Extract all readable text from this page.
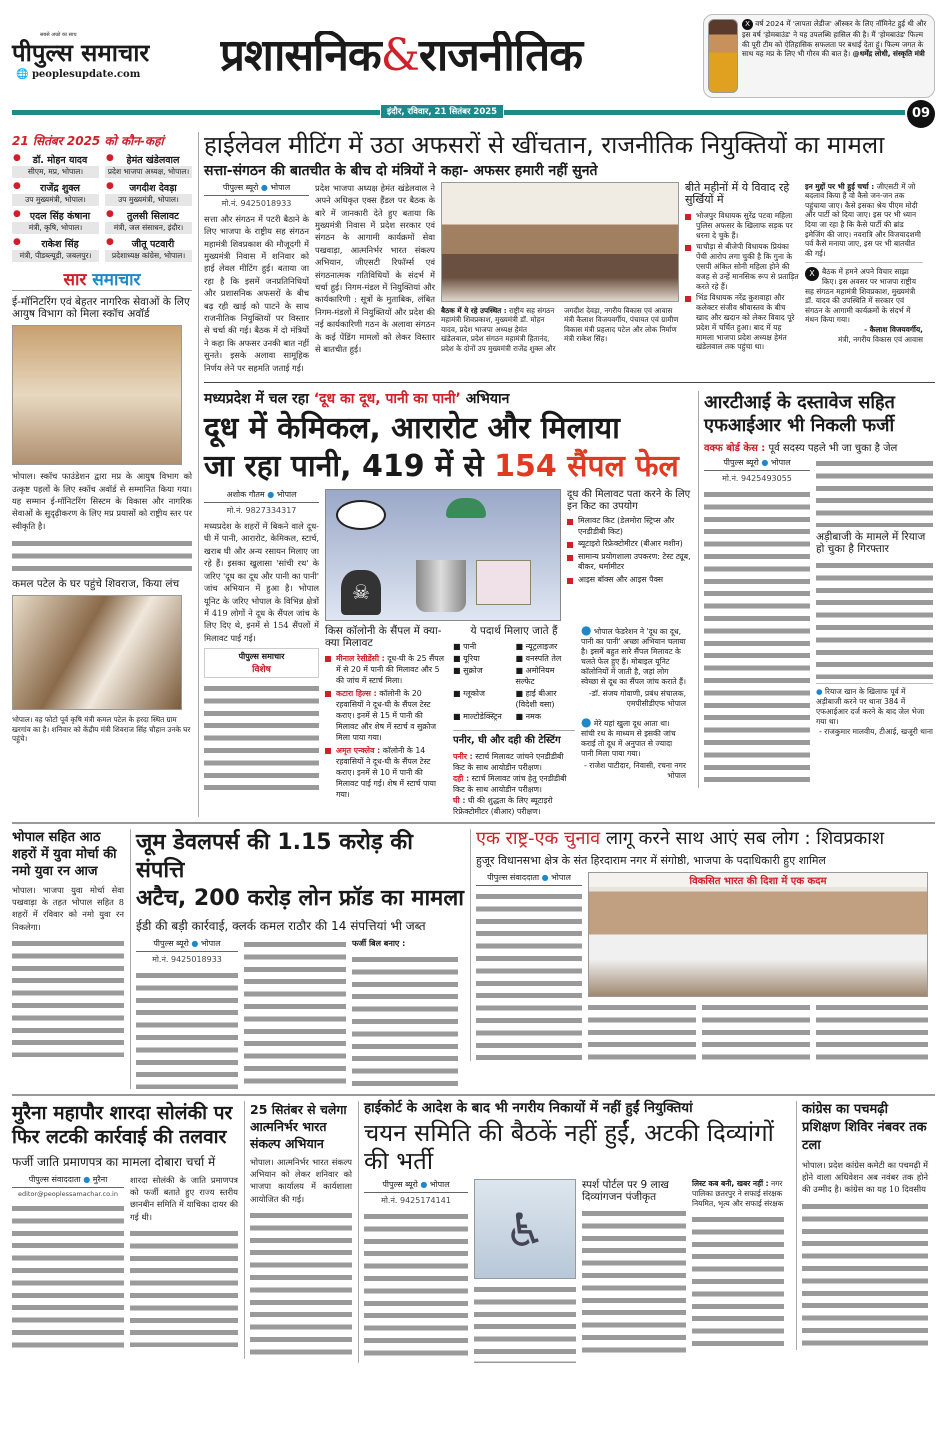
सबसे अच्छे का साथ
पीपुल्स समाचार
🌐 peoplesupdate.com	प्रशासनिक&राजनीतिक
X वर्ष 2024 में 'लापता लेडीज' ऑस्कर के लिए नॉमिनेट हुई थी और इस वर्ष 'होमबाउंड' ने यह उपलब्धि हासिल की है। मैं 'होमबाउंड' फिल्म की पूरी टीम को ऐतिहासिक सफलता पर बधाई देता हूं। फिल्म जगत के साथ यह मप्र के लिए भी गौरव की बात है। @धर्मेंद्र लोधी, संस्कृति मंत्री
इंदौर, रविवार, 21 सितंबर 2025	09
21 सितंबर 2025 को कौन-कहां
● डॉ. मोहन यादव
सीएम, मप्र, भोपाल।
● हेमंत खंडेलवाल
प्रदेश भाजपा अध्यक्ष, भोपाल।
● राजेंद्र शुक्ल
उप मुख्यमंत्री, भोपाल।
● जगदीश देवड़ा
उप मुख्यमंत्री, भोपाल।
● एदल सिंह कंषाना
मंत्री, कृषि, भोपाल।
● तुलसी सिलावट
मंत्री, जल संसाधन, इंदौर।
● राकेश सिंह
मंत्री, पीडब्ल्यूडी, जबलपुर।
● जीतू पटवारी
प्रदेशाध्यक्ष कांग्रेस, भोपाल।
सार समाचार
ई-मॉनिटरिंग एवं बेहतर नागरिक सेवाओं के लिए आयुष विभाग को मिला स्कॉच अवॉर्ड
भोपाल। स्कॉच फाउंडेशन द्वारा मप्र के आयुष विभाग को उत्कृष्ट पहलों के लिए स्कॉच अवॉर्ड से सम्मानित किया गया। यह सम्मान ई-मॉनिटरिंग सिस्टम के विकास और नागरिक सेवाओं के सुदृढ़ीकरण के लिए मप्र प्रयासों को राष्ट्रीय स्तर पर स्वीकृति है।
कमल पटेल के घर पहुंचे शिवराज, किया लंच
भोपाल। वह फोटो पूर्व कृषि मंत्री कमल पटेल के हरदा स्थित ग्राम खरगांव का है। शनिवार को केंद्रीय मंत्री शिवराज सिंह चौहान उनके घर पहुंचे।
हाईलेवल मीटिंग में उठा अफसरों से खींचतान, राजनीतिक नियुक्तियों का मामला
सत्ता-संगठन की बातचीत के बीच दो मंत्रियों ने कहा- अफसर हमारी नहीं सुनते
पीपुल्स ब्यूरो ● भोपाल
मो.नं. 9425018933
सत्ता और संगठन में पटरी बैठाने के लिए भाजपा के राष्ट्रीय सह संगठन महामंत्री शिवप्रकाश की मौजूदगी में मुख्यमंत्री निवास में शनिवार को हाई लेवल मीटिंग हुई। बताया जा रहा है कि इसमें जनप्रतिनिधियों और प्रशासनिक अफसरों के बीच बढ़ रही खाई को पाटने के साथ राजनीतिक नियुक्तियों पर विस्तार से चर्चा की गई। बैठक में दो मंत्रियों ने कहा कि अफसर उनकी बात नहीं सुनते। इसके अलावा सामूहिक निर्णय लेने पर सहमति जताई गई।
प्रदेश भाजपा अध्यक्ष हेमंत खंडेलवाल ने अपने अधिकृत एक्स हैंडल पर बैठक के बारे में जानकारी देते हुए बताया कि मुख्यमंत्री निवास में प्रदेश सरकार एवं संगठन के आगामी कार्यक्रमों सेवा पखवाड़ा, आत्मनिर्भर भारत संकल्प अभियान, जीएसटी रिफॉर्म्स एवं संगठनात्मक गतिविधियों के संदर्भ में चर्चा हुई। निगम-मंडल में नियुक्तियां और कार्यकारिणी : सूत्रों के मुताबिक, लंबित निगम-मंडलों में नियुक्तियों और प्रदेश की नई कार्यकारिणी गठन के अलावा संगठन के कई पेंडिंग मामलों को लेकर विस्तार से बातचीत हुई।
बैठक में ये रहे उपस्थित : राष्ट्रीय सह संगठन महामंत्री शिवप्रकाश, मुख्यमंत्री डॉ. मोहन यादव, प्रदेश भाजपा अध्यक्ष हेमंत खंडेलवाल, प्रदेश संगठन महामंत्री हितानंद, प्रदेश के दोनों उप मुख्यमंत्री राजेंद्र शुक्ल और जगदीश देवड़ा, नगरीय विकास एवं आवास मंत्री कैलाश विजयवर्गीय, पंचायत एवं ग्रामीण विकास मंत्री प्रहलाद पटेल और लोक निर्माण मंत्री राकेश सिंह।
बीते महीनों में ये विवाद रहे सुर्खियों में
भोजपुर विधायक सुरेंद्र पटवा महिला पुलिस अफसर के खिलाफ सड़क पर धरना दे चुके हैं।
चाचौड़ा से बीजेपी विधायक प्रियंका पेंची आरोप लगा चुकी है कि गुना के एसपी अंकित सोनी महिला होने की वजह से उन्हें मानसिक रूप से प्रताड़ित करते रहे हैं।
भिंड विधायक नरेंद्र कुशवाहा और कलेक्टर संजीव श्रीवास्तव के बीच खाद और खदान को लेकर विवाद पूरे प्रदेश में चर्चित हुआ। बाद में यह मामला भाजपा प्रदेश अध्यक्ष हेमंत खंडेलवाल तक पहुंचा था।
इन मुद्दों पर भी हुई चर्चा : जीएसटी में जो बदलाव किया है वो कैसे जन-जन तक पहुंचाया जाए। कैसे इसका श्रेय पीएम मोदी और पार्टी को दिया जाए। इस पर भी ध्यान दिया जा रहा है कि कैसे पार्टी की ब्रांड इमेजिंग की जाए। नवरात्रि और विजयादशमी पर्व कैसे मनाया जाए, इस पर भी बातचीत की गई।
X बैठक में हमने अपने विचार साझा किए। इस अवसर पर भाजपा राष्ट्रीय सह संगठन महामंत्री शिवप्रकाश, मुख्यमंत्री डॉ. यादव की उपस्थिति में सरकार एवं संगठन के आगामी कार्यक्रमों के संदर्भ में मंथन किया गया।
- कैलाश विजयवर्गीय,
मंत्री, नगरीय विकास एवं आवास
मध्यप्रदेश में चल रहा ‘दूध का दूध, पानी का पानी’ अभियान
दूध में केमिकल, आरारोट और मिलाया
जा रहा पानी, 419 में से 154 सैंपल फेल
अशोक गौतम ● भोपाल
मो.नं. 9827334317
मध्यप्रदेश के शहरों में बिकने वाले दूध-घी में पानी, आरारोट, केमिकल, स्टार्च, खराब घी और अन्य रसायन मिलाए जा रहे हैं। इसका खुलासा 'सांची रथ' के जरिए 'दूध का दूध और पानी का पानी' जांच अभियान में हुआ है। भोपाल यूनिट के जरिए भोपाल के विभिन्न क्षेत्रों में 419 लोगों ने दूध के सैंपल जांच के लिए दिए थे, इनमें से 154 सैंपलों में मिलावट पाई गई।
पीपुल्स समाचार
विशेष
☠
दूध की मिलावट पता करने के लिए इन किट का उपयोग
मिलावट किट (डेलमोरा स्ट्रिप्स और एनडीडीबी किट)
ब्यूटाइरो रिफ्रेक्टोमीटर (बीआर मशीन)
सामान्य प्रयोगशाला उपकरण: टेस्ट ट्यूब, बीकर, थर्मामीटर
आइस बॉक्स और आइस पैक्स
किस कॉलोनी के सैंपल में क्या-क्या मिलावट
मीनाल रेसीडेंसी : दूध-घी के 25 सैंपल में से 20 में पानी की मिलावट और 5 की जांच में स्टार्च मिला।
कटारा हिल्स : कॉलोनी के 20 रहवासियों ने दूध-घी के सैंपल टेस्ट कराए। इनमें से 15 में पानी की मिलावट और शेष में स्टार्च व सुक्रोज मिला पाया गया।
अमृत एन्क्लेव : कॉलोनी के 14 रहवासियों ने दूध-घी के सैंपल टेस्ट कराए। इनमें से 10 में पानी की मिलावट पाई गई। शेष में स्टार्च पाया गया।
ये पदार्थ मिलाए जाते हैं
■ पानी	■ न्यूट्रलाइजर
■ यूरिया	■ वनस्पति तेल
■ सुक्रोज	■ अमोनियम सल्फेट
■ ग्लूकोज	■ हाई बीआर (विदेशी वसा)
■ माल्टोडेक्स्ट्रिन	■ नमक
पनीर, घी और दही की टेस्टिंग
पनीर : स्टार्च मिलावट जांचने एनडीडीबी किट के साथ आयोडीन परीक्षण।
दही : स्टार्च मिलावट जांच हेतु एनडीडीबी किट के साथ आयोडीन परीक्षण।
घी : घी की शुद्धता के लिए ब्यूटाइरो रिफ्रेक्टोमीटर (बीआर) परीक्षण।
● भोपाल फेडरेशन ने 'दूध का दूध, पानी का पानी' अच्छा अभियान चलाया है। इसमें बहुत सारे सैंपल मिलावट के चलते फेल हुए हैं। मोबाइल यूनिट कॉलोनियों में जाती है, जहां लोग स्वेच्छा से दूध का सैंपल जांच कराते हैं।
-डॉ. संजय गोवाणी, प्रबंध संचालक, एमपीसीडीएफ भोपाल
● मेरे यहां खुला दूध आता था। सांची रथ के माध्यम से इसकी जांच कराई तो दूध में अनुपात से ज्यादा पानी मिला पाया गया।
- राजेश पाटीदार, निवासी, रचना नगर भोपाल
आरटीआई के दस्तावेज सहित एफआईआर भी निकली फर्जी
वक्फ बोर्ड केस : पूर्व सदस्य पहले भी जा चुका है जेल
पीपुल्स ब्यूरो ● भोपाल
मो.नं. 9425493055
अड़ीबाजी के मामले में रियाज हो चुका है गिरफ्तार
● रियाज खान के खिलाफ पूर्व में अड़ीबाजी करने पर थाना 384 में एफआईआर दर्ज करने के बाद जेल भेजा गया था।
- राजकुमार मालवीय, टीआई, खजूरी थाना
भोपाल सहित आठ शहरों में युवा मोर्चा की नमो युवा रन आज
भोपाल। भाजपा युवा मोर्चा सेवा पखवाड़ा के तहत भोपाल सहित 8 शहरों में रविवार को नमो युवा रन निकलेगा।
जूम डेवलपर्स की 1.15 करोड़ की संपत्ति
अटैच, 200 करोड़ लोन फ्रॉड का मामला
ईडी की बड़ी कार्रवाई, क्लर्क कमल राठौर की 14 संपत्तियां भी जब्त
पीपुल्स ब्यूरो ● भोपाल
मो.नं. 9425018933
फर्जी बिल बनाए :
एक राष्ट्र-एक चुनाव लागू करने साथ आएं सब लोग : शिवप्रकाश
हुजूर विधानसभा क्षेत्र के संत हिरदाराम नगर में संगोष्ठी, भाजपा के पदाधिकारी हुए शामिल
पीपुल्स संवाददाता ● भोपाल	विकसित भारत की दिशा में एक कदम
मुरैना महापौर शारदा सोलंकी पर फिर लटकी कार्रवाई की तलवार
फर्जी जाति प्रमाणपत्र का मामला दोबारा चर्चा में
पीपुल्स संवाददाता ● मुरैना
editor@peoplessamachar.co.in
शारदा सोलंकी के जाति प्रमाणपत्र को फर्जी बताते हुए राज्य स्तरीय छानबीन समिति में याचिका दायर की गई थी।
25 सितंबर से चलेगा आत्मनिर्भर भारत संकल्प अभियान
भोपाल। आत्मनिर्भर भारत संकल्प अभियान को लेकर शनिवार को भाजपा कार्यालय में कार्यशाला आयोजित की गई।
हाईकोर्ट के आदेश के बाद भी नगरीय निकायों में नहीं हुईं नियुक्तियां
चयन समिति की बैठकें नहीं हुईं, अटकी दिव्यांगों की भर्ती
पीपुल्स ब्यूरो ● भोपाल
मो.नं. 9425174141
♿
स्पर्श पोर्टल पर 9 लाख दिव्यांगजन पंजीकृत
लिस्ट कब बनी, खबर नहीं : नगर पालिका छतरपुर ने सफाई संरक्षक नियमित, भृत्य और सफाई संरक्षक
कांग्रेस का पचमढ़ी प्रशिक्षण शिविर नंबवर तक टला
भोपाल। प्रदेश कांग्रेस कमेटी का पचमढ़ी में होने वाला अधिवेशन अब नवंबर तक होने की उम्मीद है। कांग्रेस का यह 10 दिवसीय
